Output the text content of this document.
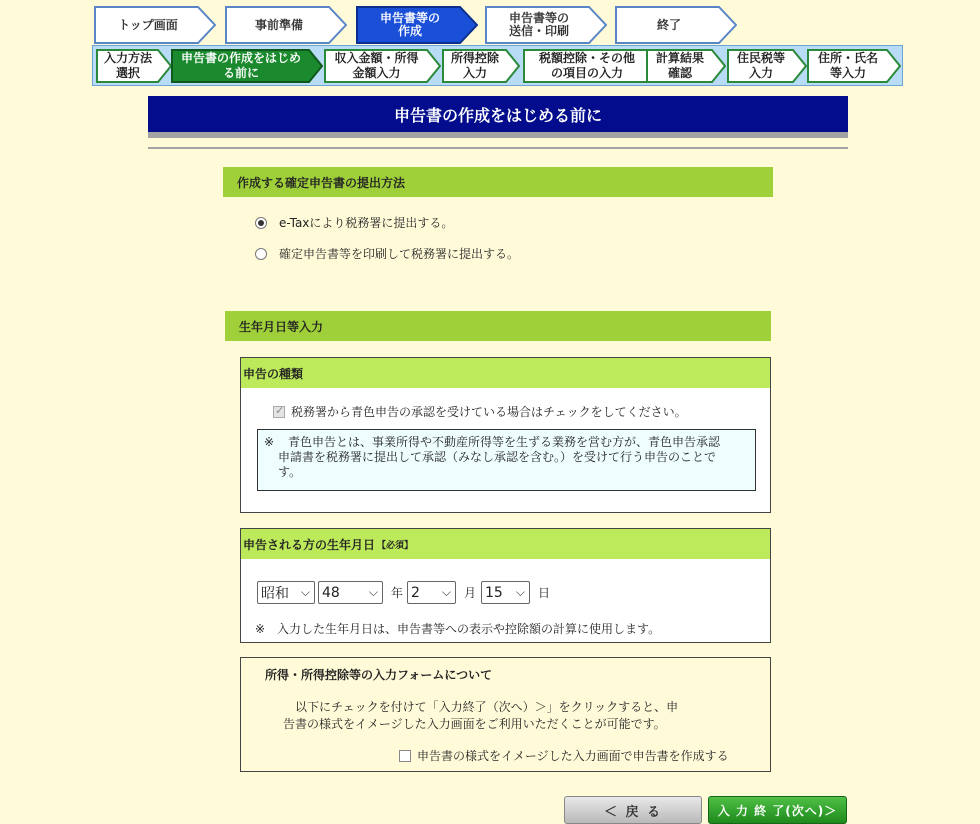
トップ画面	事前準備	申告書等の
作成
申告書等の
送信・印刷	終了
入力方法
選択
申告書の作成をはじめ
る前に
収入金額・所得
金額入力
所得控除
入力
税額控除・その他
の項目の入力
計算結果
確認
住民税等
入力
住所・氏名
等入力
申告書の作成をはじめる前に
作成する確定申告書の提出方法
e-Taxにより税務署に提出する。
確定申告書等を印刷して税務署に提出する。
生年月日等入力
申告の種類
✓
税務署から青色申告の承認を受けている場合はチェックをしてください。
※	青色申告とは、事業所得や不動産所得等を生ずる業務を営む方が、青色申告承認
申請書を税務署に提出して承認（みなし承認を含む。）を受けて行う申告のことで
す。
申告される方の生年月日 【必須】
昭和 ⌵ 48 ⌵ 年 2 ⌵ 月 15 ⌵ 日
※　入力した生年月日は、申告書等への表示や控除額の計算に使用します。
所得・所得控除等の入力フォームについて
以下にチェックを付けて「入力終了（次へ）＞」をクリックすると、申
告書の様式をイメージした入力画面をご利用いただくことが可能です。
申告書の様式をイメージした入力画面で申告書を作成する
＜ 戻 る	入 力 終 了(次へ)＞
